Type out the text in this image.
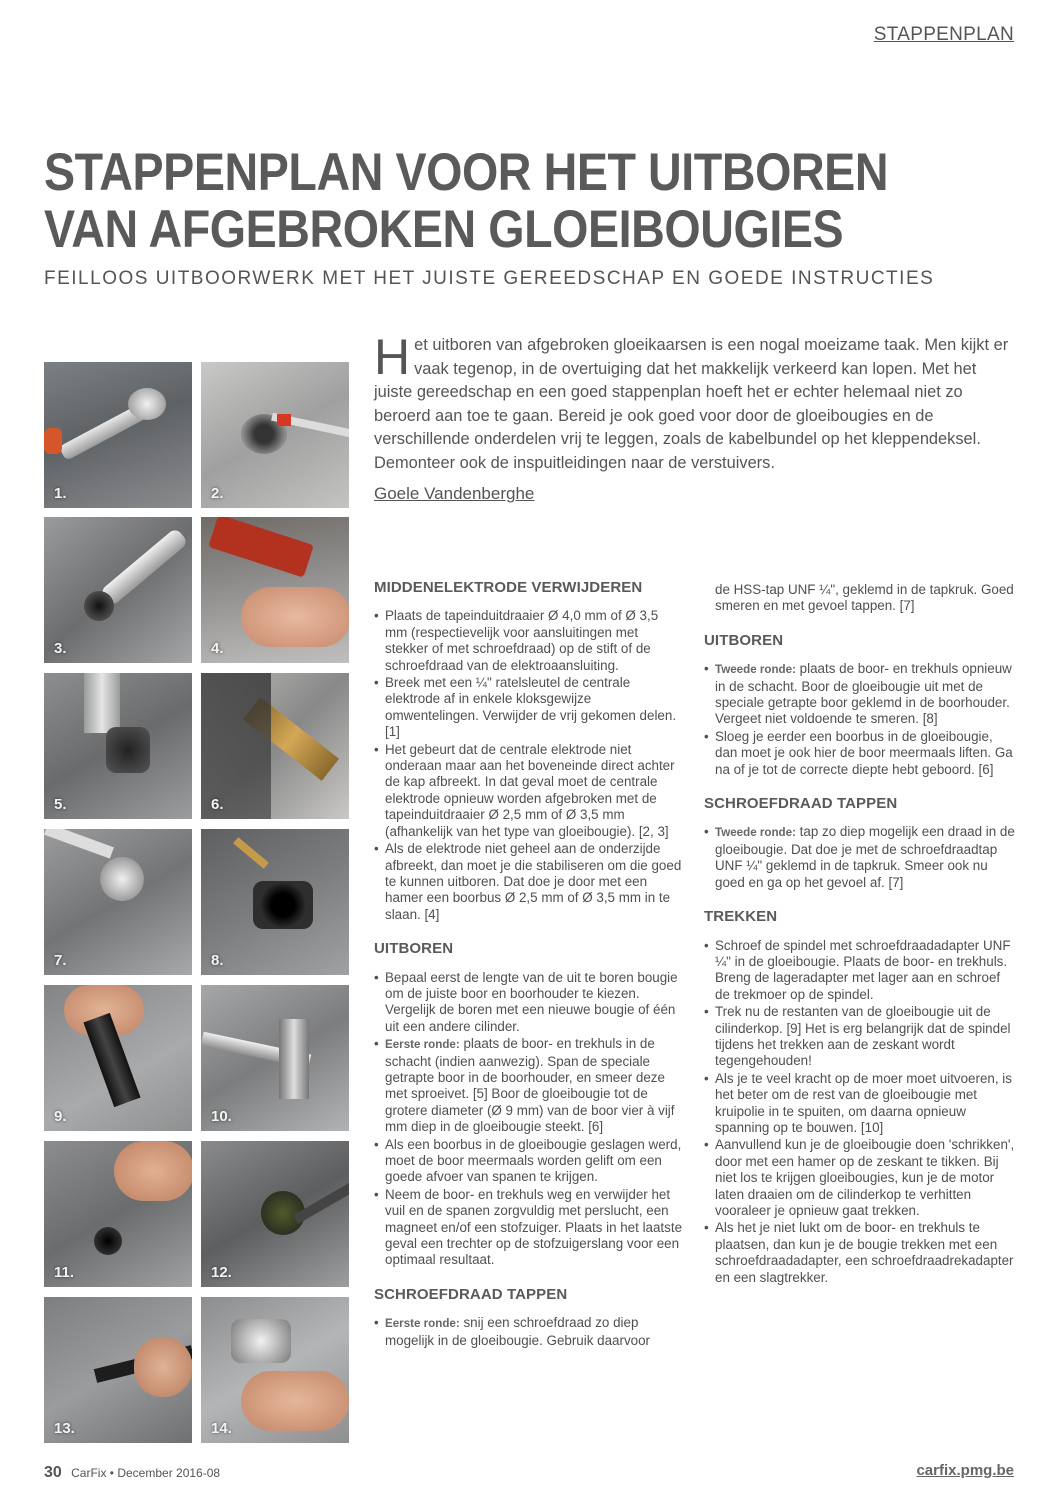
STAPPENPLAN
STAPPENPLAN VOOR HET UITBOREN
VAN AFGEBROKEN GLOEIBOUGIES
FEILLOOS UITBOORWERK MET HET JUISTE GEREEDSCHAP EN GOEDE INSTRUCTIES

Het uitboren van afgebroken gloeikaarsen is een nogal moeizame taak. Men kijkt er vaak tegenop, in de overtuiging dat het makkelijk verkeerd kan lopen. Met het juiste gereedschap en een goed stappenplan hoeft het er echter helemaal niet zo beroerd aan toe te gaan. Bereid je ook goed voor door de gloeibougies en de verschillende onderdelen vrij te leggen, zoals de kabelbundel op het kleppendeksel. Demonteer ook de inspuitleidingen naar de verstuivers.

Goele Vandenberghe
1.	2.
3.	4.
5.	6.
7.	8.
9.	10.
11.	12.
13.	14.
MIDDENELEKTRODE VERWIJDEREN
• Plaats de tapeinduitdraaier Ø 4,0 mm of Ø 3,5 mm (respectievelijk voor aansluitingen met stekker of met schroefdraad) op de stift of de schroefdraad van de elektroaansluiting.
• Breek met een ¼" ratelsleutel de centrale elektrode af in enkele kloksgewijze omwentelingen. Verwijder de vrij gekomen delen. [1]
• Het gebeurt dat de centrale elektrode niet onderaan maar aan het boveneinde direct achter de kap afbreekt. In dat geval moet de centrale elektrode opnieuw worden afgebroken met de tapeinduitdraaier Ø 2,5 mm of Ø 3,5 mm (afhankelijk van het type van gloeibougie). [2, 3]
• Als de elektrode niet geheel aan de onderzijde afbreekt, dan moet je die stabiliseren om die goed te kunnen uitboren. Dat doe je door met een hamer een boorbus Ø 2,5 mm of Ø 3,5 mm in te slaan. [4]
UITBOREN
• Bepaal eerst de lengte van de uit te boren bougie om de juiste boor en boorhouder te kiezen. Vergelijk de boren met een nieuwe bougie of één uit een andere cilinder.
• Eerste ronde: plaats de boor- en trekhuls in de schacht (indien aanwezig). Span de speciale getrapte boor in de boorhouder, en smeer deze met sproeivet. [5] Boor de gloeibougie tot de grotere diameter (Ø 9 mm) van de boor vier à vijf mm diep in de gloeibougie steekt. [6]
• Als een boorbus in de gloeibougie geslagen werd, moet de boor meermaals worden gelift om een goede afvoer van spanen te krijgen.
• Neem de boor- en trekhuls weg en verwijder het vuil en de spanen zorgvuldig met perslucht, een magneet en/of een stofzuiger. Plaats in het laatste geval een trechter op de stofzuigerslang voor een optimaal resultaat.
SCHROEFDRAAD TAPPEN
• Eerste ronde: snij een schroefdraad zo diep mogelijk in de gloeibougie. Gebruik daarvoor
de HSS-tap UNF ¼", geklemd in de tapkruk. Goed smeren en met gevoel tappen. [7]
UITBOREN
• Tweede ronde: plaats de boor- en trekhuls opnieuw in de schacht. Boor de gloeibougie uit met de speciale getrapte boor geklemd in de boorhouder. Vergeet niet voldoende te smeren. [8]
• Sloeg je eerder een boorbus in de gloeibougie, dan moet je ook hier de boor meermaals liften. Ga na of je tot de correcte diepte hebt geboord. [6]
SCHROEFDRAAD TAPPEN
• Tweede ronde: tap zo diep mogelijk een draad in de gloeibougie. Dat doe je met de schroefdraadtap UNF ¼" geklemd in de tapkruk. Smeer ook nu goed en ga op het gevoel af. [7]
TREKKEN
• Schroef de spindel met schroefdraadadapter UNF ¼" in de gloeibougie. Plaats de boor- en trekhuls. Breng de lageradapter met lager aan en schroef de trekmoer op de spindel.
• Trek nu de restanten van de gloeibougie uit de cilinderkop. [9] Het is erg belangrijk dat de spindel tijdens het trekken aan de zeskant wordt tegengehouden!
• Als je te veel kracht op de moer moet uitvoeren, is het beter om de rest van de gloeibougie met kruipolie in te spuiten, om daarna opnieuw spanning op te bouwen. [10]
• Aanvullend kun je de gloeibougie doen 'schrikken', door met een hamer op de zeskant te tikken. Bij niet los te krijgen gloeibougies, kun je de motor laten draaien om de cilinderkop te verhitten vooraleer je opnieuw gaat trekken.
• Als het je niet lukt om de boor- en trekhuls te plaatsen, dan kun je de bougie trekken met een schroefdraadadapter, een schroefdraadrekadapter en een slagtrekker.
30 CarFix • December 2016-08	carfix.pmg.be
